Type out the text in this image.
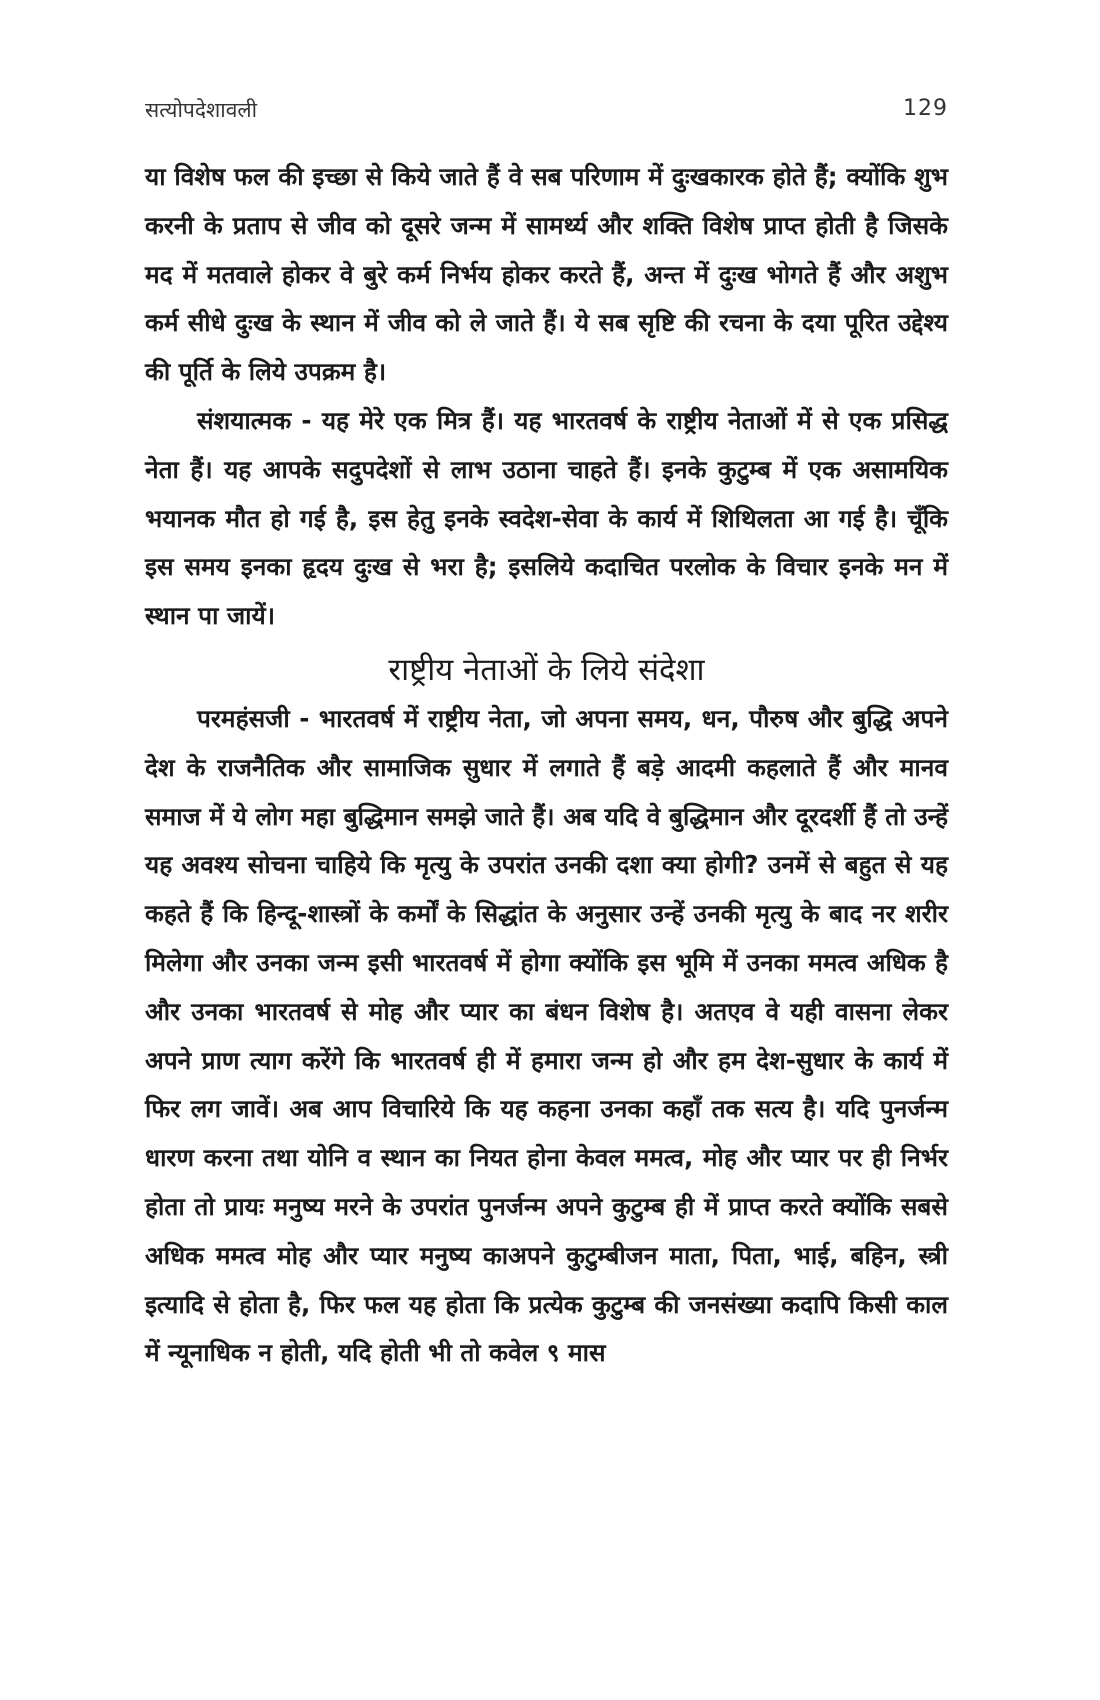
सत्योपदेशावली	129

या विशेष फल की इच्छा से किये जाते हैं वे सब परिणाम में दुःखकारक होते हैं; क्योंकि शुभ करनी के प्रताप से जीव को दूसरे जन्म में सामर्थ्य और शक्ति विशेष प्राप्त होती है जिसके मद में मतवाले होकर वे बुरे कर्म निर्भय होकर करते हैं, अन्त में दुःख भोगते हैं और अशुभ कर्म सीधे दुःख के स्थान में जीव को ले जाते हैं। ये सब सृष्टि की रचना के दया पूरित उद्देश्य की पूर्ति के लिये उपक्रम है।

संशयात्मक - यह मेरे एक मित्र हैं। यह भारतवर्ष के राष्ट्रीय नेताओं में से एक प्रसिद्ध नेता हैं। यह आपके सदुपदेशों से लाभ उठाना चाहते हैं। इनके कुटुम्ब में एक असामयिक भयानक मौत हो गई है, इस हेतु इनके स्वदेश-सेवा के कार्य में शिथिलता आ गई है। चूँकि इस समय इनका हृदय दुःख से भरा है; इसलिये कदाचित परलोक के विचार इनके मन में स्थान पा जायें।

राष्ट्रीय नेताओं के लिये संदेशा

परमहंसजी - भारतवर्ष में राष्ट्रीय नेता, जो अपना समय, धन, पौरुष और बुद्धि अपने देश के राजनैतिक और सामाजिक सुधार में लगाते हैं बड़े आदमी कहलाते हैं और मानव समाज में ये लोग महा बुद्धिमान समझे जाते हैं। अब यदि वे बुद्धिमान और दूरदर्शी हैं तो उन्हें यह अवश्य सोचना चाहिये कि मृत्यु के उपरांत उनकी दशा क्या होगी? उनमें से बहुत से यह कहते हैं कि हिन्दू-शास्त्रों के कर्मों के सिद्धांत के अनुसार उन्हें उनकी मृत्यु के बाद नर शरीर मिलेगा और उनका जन्म इसी भारतवर्ष में होगा क्योंकि इस भूमि में उनका ममत्व अधिक है और उनका भारतवर्ष से मोह और प्यार का बंधन विशेष है। अतएव वे यही वासना लेकर अपने प्राण त्याग करेंगे कि भारतवर्ष ही में हमारा जन्म हो और हम देश-सुधार के कार्य में फिर लग जावें। अब आप विचारिये कि यह कहना उनका कहाँ तक सत्य है। यदि पुनर्जन्म धारण करना तथा योनि व स्थान का नियत होना केवल ममत्व, मोह और प्यार पर ही निर्भर होता तो प्रायः मनुष्य मरने के उपरांत पुनर्जन्म अपने कुटुम्ब ही में प्राप्त करते क्योंकि सबसे अधिक ममत्व मोह और प्यार मनुष्य काअपने कुटुम्बीजन माता, पिता, भाई, बहिन, स्त्री इत्यादि से होता है, फिर फल यह होता कि प्रत्येक कुटुम्ब की जनसंख्या कदापि किसी काल में न्यूनाधिक न होती, यदि होती भी तो कवेल ९ मास
